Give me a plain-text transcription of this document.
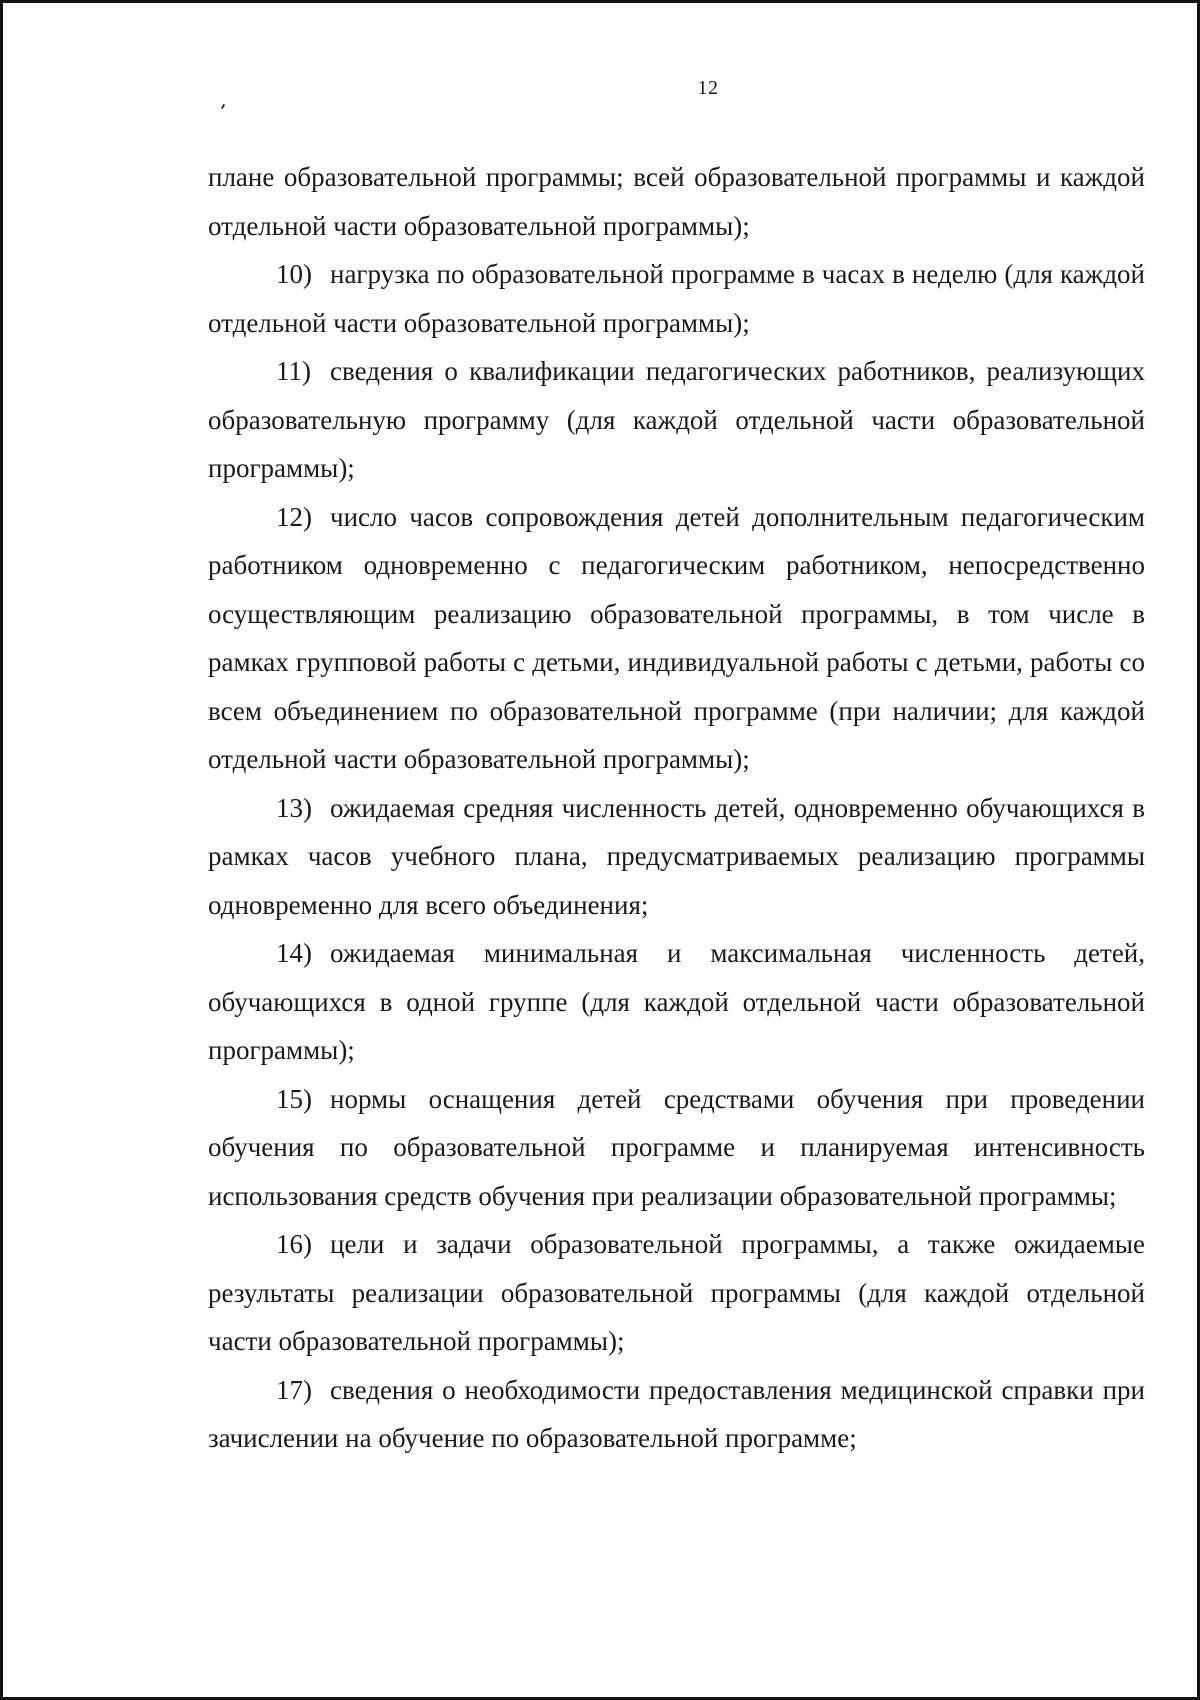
12

плане образовательной программы; всей образовательной программы и каждой отдельной части образовательной программы);

10) нагрузка по образовательной программе в часах в неделю (для каждой отдельной части образовательной программы);

11) сведения о квалификации педагогических работников, реализующих образовательную программу (для каждой отдельной части образовательной программы);

12) число часов сопровождения детей дополнительным педагогическим работником одновременно с педагогическим работником, непосредственно осуществляющим реализацию образовательной программы, в том числе в рамках групповой работы с детьми, индивидуальной работы с детьми, работы со всем объединением по образовательной программе (при наличии; для каждой отдельной части образовательной программы);

13) ожидаемая средняя численность детей, одновременно обучающихся в рамках часов учебного плана, предусматриваемых реализацию программы одновременно для всего объединения;

14) ожидаемая минимальная и максимальная численность детей, обучающихся в одной группе (для каждой отдельной части образовательной программы);

15) нормы оснащения детей средствами обучения при проведении обучения по образовательной программе и планируемая интенсивность использования средств обучения при реализации образовательной программы;

16) цели и задачи образовательной программы, а также ожидаемые результаты реализации образовательной программы (для каждой отдельной части образовательной программы);

17) сведения о необходимости предоставления медицинской справки при зачислении на обучение по образовательной программе;
